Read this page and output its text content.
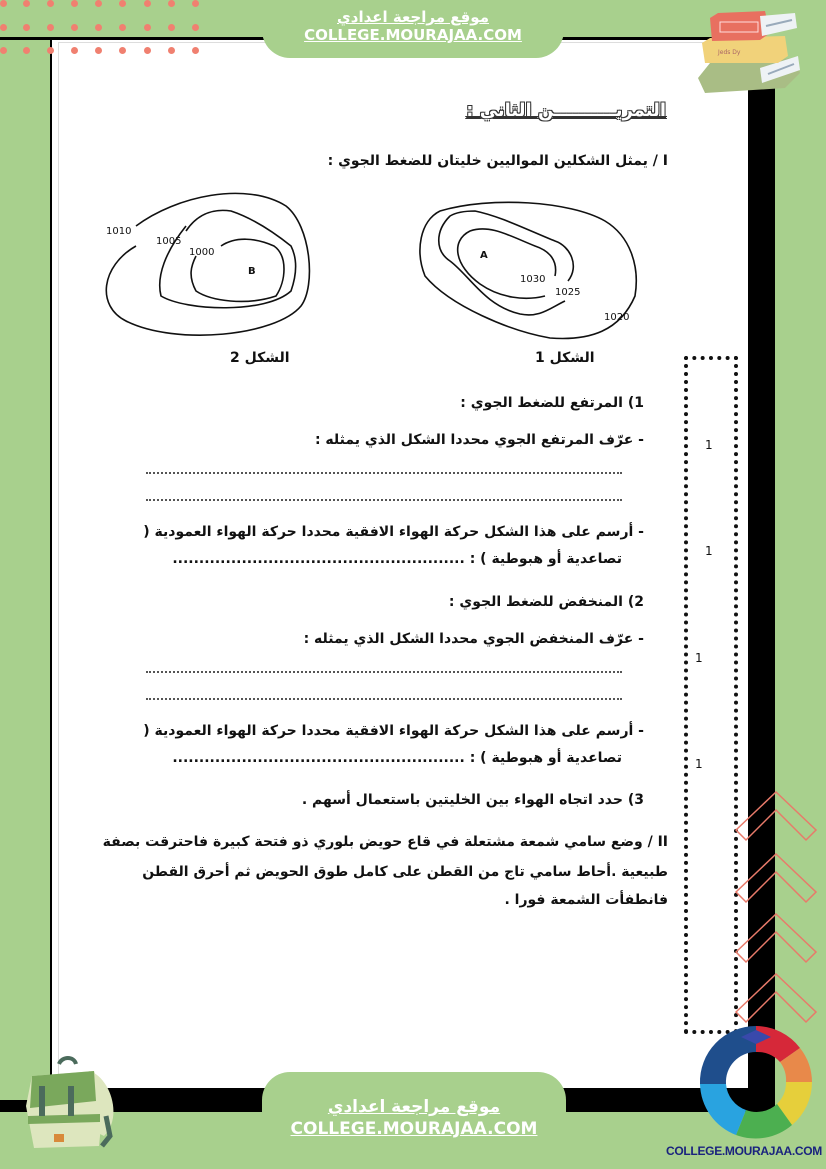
موقع مراجعة اعدادي
COLLEGE.MOURAJAA.COM
Jeds Dy
التمريــــــــــن الثاني :
I / يمثل الشكلين المواليين خليتان للضغط الجوي :
1010
1005
1000
B
الشكل 2
A
1030
1025
1020
الشكل 1
1) المرتفع للضغط الجوي :
- عرّف المرتفع الجوي محددا الشكل الذي يمثله :
- أرسم على هذا الشكل حركة الهواء الافقية محددا حركة الهواء العمودية (
تصاعدية أو هبوطية ) : .......................................................
2) المنخفض للضغط الجوي :
- عرّف المنخفض الجوي محددا الشكل الذي يمثله :
- أرسم على هذا الشكل حركة الهواء الافقية محددا حركة الهواء العمودية (
تصاعدية أو هبوطية ) : .......................................................
3) حدد اتجاه الهواء بين الخليتين باستعمال أسهم .
II / وضع سامي شمعة مشتعلة في قاع حويض بلوري ذو فتحة كبيرة فاحترقت بصفة
طبيعية .أحاط سامي تاج من القطن على كامل طوق الحويض ثم أحرق القطن
فانطفأت الشمعة فورا .
1
1
1
1
موقع مراجعة اعدادي
COLLEGE.MOURAJAA.COM
COLLEGE.MOURAJAA.COM
